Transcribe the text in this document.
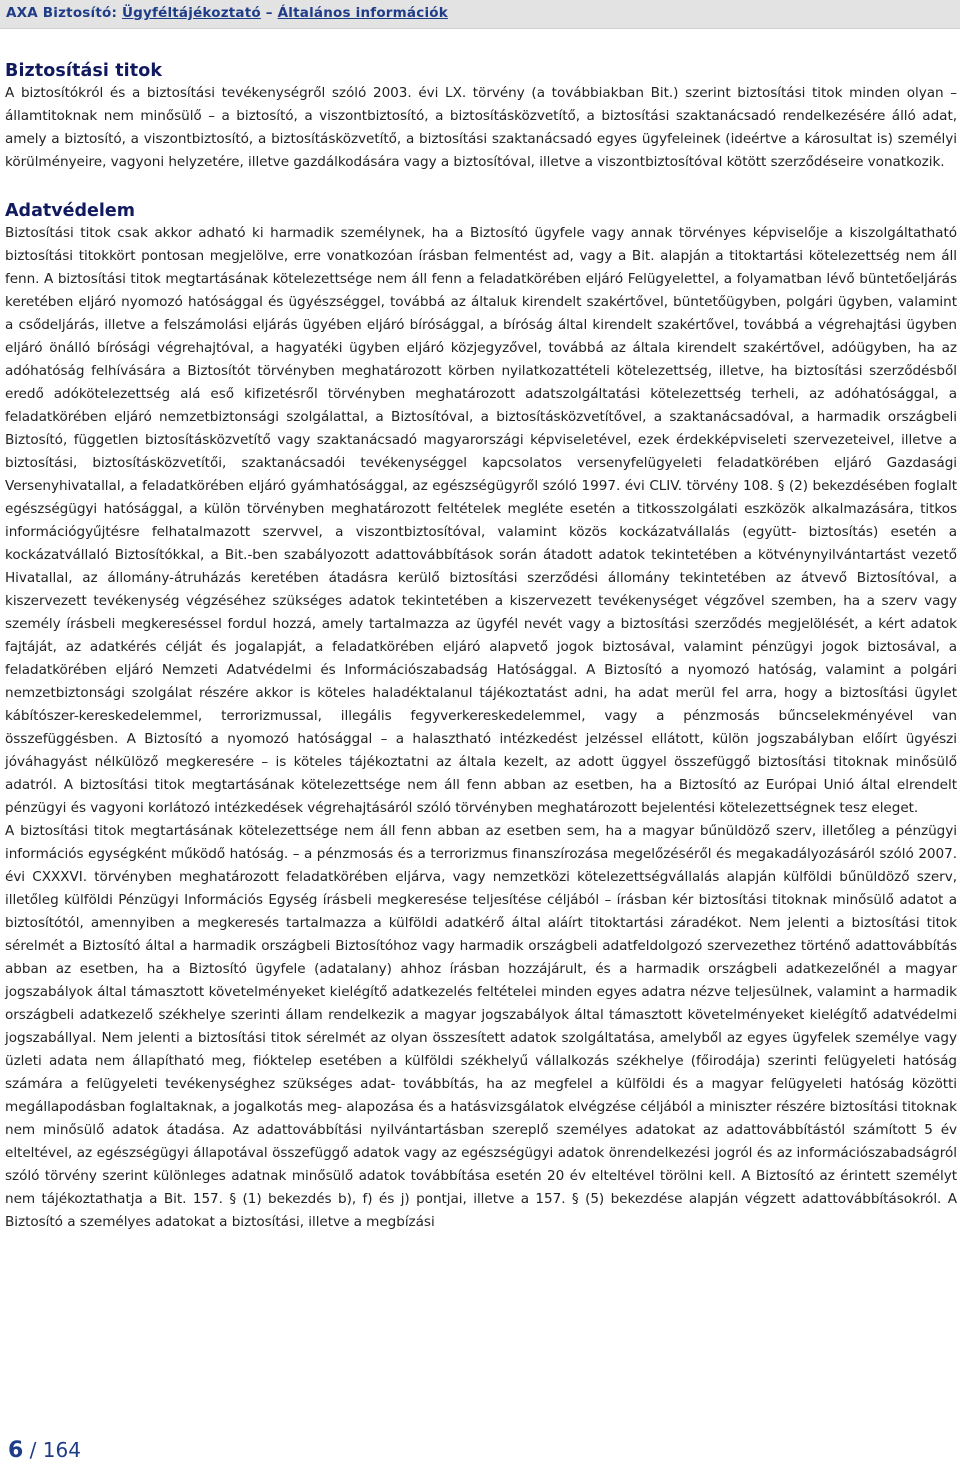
AXA Biztosító: Ügyféltájékoztató – Általános információk
Biztosítási titok

A biztosítókról és a biztosítási tevékenységről szóló 2003. évi LX. törvény (a továbbiakban Bit.) szerint biztosítási titok minden olyan – államtitoknak nem minősülő – a biztosító, a viszontbiztosító, a biztosításközvetítő, a biztosítási szaktanácsadó rendelkezésére álló adat, amely a biztosító, a viszontbiztosító, a biztosításközvetítő, a biztosítási szaktanácsadó egyes ügyfeleinek (ideértve a károsultat is) személyi körülményeire, vagyoni helyzetére, illetve gazdálkodására vagy a biztosítóval, illetve a viszontbiztosítóval kötött szerződéseire vonatkozik.

Adatvédelem

Biztosítási titok csak akkor adható ki harmadik személynek, ha a Biztosító ügyfele vagy annak törvényes képviselője a kiszolgáltatható biztosítási titokkört pontosan megjelölve, erre vonatkozóan írásban felmentést ad, vagy a Bit. alapján a titoktartási kötelezettség nem áll fenn. A biztosítási titok megtartásának kötelezettsége nem áll fenn a feladatkörében eljáró Felügyelettel, a folyamatban lévő büntetőeljárás keretében eljáró nyomozó hatósággal és ügyészséggel, továbbá az általuk kirendelt szakértővel, büntetőügyben, polgári ügyben, valamint a csődeljárás, illetve a felszámolási eljárás ügyében eljáró bírósággal, a bíróság által kirendelt szakértővel, továbbá a végrehajtási ügyben eljáró önálló bírósági végrehajtóval, a hagyatéki ügyben eljáró közjegyzővel, továbbá az általa kirendelt szakértővel, adóügyben, ha az adóhatóság felhívására a Biztosítót törvényben meghatározott körben nyilatkozattételi kötelezettség, illetve, ha biztosítási szerződésből eredő adókötelezettség alá eső kifizetésről törvényben meghatározott adatszolgáltatási kötelezettség terheli, az adóhatósággal, a feladatkörében eljáró nemzetbiztonsági szolgálattal, a Biztosítóval, a biztosításközvetítővel, a szaktanácsadóval, a harmadik országbeli Biztosító, független biztosításközvetítő vagy szaktanácsadó magyarországi képviseletével, ezek érdekképviseleti szervezeteivel, illetve a biztosítási, biztosításközvetítői, szaktanácsadói tevékenységgel kapcsolatos versenyfelügyeleti feladatkörében eljáró Gazdasági Versenyhivatallal, a feladatkörében eljáró gyámhatósággal, az egészségügyről szóló 1997. évi CLIV. törvény 108. § (2) bekezdésében foglalt egészségügyi hatósággal, a külön törvényben meghatározott feltételek megléte esetén a titkosszolgálati eszközök alkalmazására, titkos információgyűjtésre felhatalmazott szervvel, a viszontbiztosítóval, valamint közös kockázatvállalás (együtt- biztosítás) esetén a kockázatvállaló Biztosítókkal, a Bit.-ben szabályozott adattovábbítások során átadott adatok tekintetében a kötvénynyilvántartást vezető Hivatallal, az állomány-átruházás keretében átadásra kerülő biztosítási szerződési állomány tekintetében az átvevő Biztosítóval, a kiszervezett tevékenység végzéséhez szükséges adatok tekintetében a kiszervezett tevékenységet végzővel szemben, ha a szerv vagy személy írásbeli megkereséssel fordul hozzá, amely tartalmazza az ügyfél nevét vagy a biztosítási szerződés megjelölését, a kért adatok fajtáját, az adatkérés célját és jogalapját, a feladatkörében eljáró alapvető jogok biztosával, valamint pénzügyi jogok biztosával, a feladatkörében eljáró Nemzeti Adatvédelmi és Információszabadság Hatósággal. A Biztosító a nyomozó hatóság, valamint a polgári nemzetbiztonsági szolgálat részére akkor is köteles haladéktalanul tájékoztatást adni, ha adat merül fel arra, hogy a biztosítási ügylet kábítószer-kereskedelemmel, terrorizmussal, illegális fegyverkereskedelemmel, vagy a pénzmosás bűncselekményével van összefüggésben. A Biztosító a nyomozó hatósággal – a halasztható intézkedést jelzéssel ellátott, külön jogszabályban előírt ügyészi jóváhagyást nélkülöző megkeresére – is köteles tájékoztatni az általa kezelt, az adott üggyel összefüggő biztosítási titoknak minősülő adatról. A biztosítási titok megtartásának kötelezettsége nem áll fenn abban az esetben, ha a Biztosító az Európai Unió által elrendelt pénzügyi és vagyoni korlátozó intézkedések végrehajtásáról szóló törvényben meghatározott bejelentési kötelezettségnek tesz eleget.

A biztosítási titok megtartásának kötelezettsége nem áll fenn abban az esetben sem, ha a magyar bűnüldöző szerv, illetőleg a pénzügyi információs egységként működő hatóság. – a pénzmosás és a terrorizmus finanszírozása megelőzéséről és megakadályozásáról szóló 2007. évi CXXXVI. törvényben meghatározott feladatkörében eljárva, vagy nemzetközi kötelezettségvállalás alapján külföldi bűnüldöző szerv, illetőleg külföldi Pénzügyi Információs Egység írásbeli megkeresése teljesítése céljából – írásban kér biztosítási titoknak minősülő adatot a biztosítótól, amennyiben a megkeresés tartalmazza a külföldi adatkérő által aláírt titoktartási záradékot. Nem jelenti a biztosítási titok sérelmét a Biztosító által a harmadik országbeli Biztosítóhoz vagy harmadik országbeli adatfeldolgozó szervezethez történő adattovábbítás abban az esetben, ha a Biztosító ügyfele (adatalany) ahhoz írásban hozzájárult, és a harmadik országbeli adatkezelőnél a magyar jogszabályok által támasztott követelményeket kielégítő adatkezelés feltételei minden egyes adatra nézve teljesülnek, valamint a harmadik országbeli adatkezelő székhelye szerinti állam rendelkezik a magyar jogszabályok által támasztott követelményeket kielégítő adatvédelmi jogszabállyal. Nem jelenti a biztosítási titok sérelmét az olyan összesített adatok szolgáltatása, amelyből az egyes ügyfelek személye vagy üzleti adata nem állapítható meg, fióktelep esetében a külföldi székhelyű vállalkozás székhelye (főirodája) szerinti felügyeleti hatóság számára a felügyeleti tevékenységhez szükséges adat- továbbítás, ha az megfelel a külföldi és a magyar felügyeleti hatóság közötti megállapodásban foglaltaknak, a jogalkotás meg- alapozása és a hatásvizsgálatok elvégzése céljából a miniszter részére biztosítási titoknak nem minősülő adatok átadása. Az adattovábbítási nyilvántartásban szereplő személyes adatokat az adattovábbítástól számított 5 év elteltével, az egészségügyi állapotával összefüggő adatok vagy az egészségügyi adatok önrendelkezési jogról és az információszabadságról szóló törvény szerint különleges adatnak minősülő adatok továbbítása esetén 20 év elteltével törölni kell. A Biztosító az érintett személyt nem tájékoztathatja a Bit. 157. § (1) bekezdés b), f) és j) pontjai, illetve a 157. § (5) bekezdése alapján végzett adattovábbításokról. A Biztosító a személyes adatokat a biztosítási, illetve a megbízási

6 / 164
